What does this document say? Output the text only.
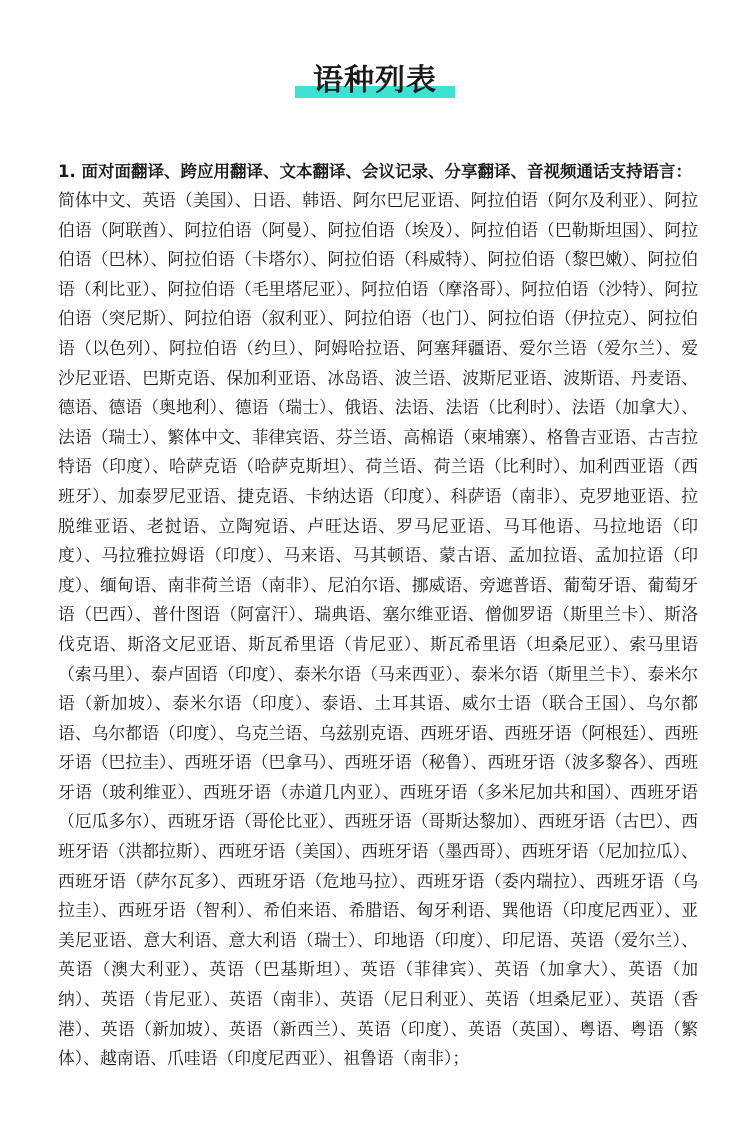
语种列表
1. 面对面翻译、跨应用翻译、文本翻译、会议记录、分享翻译、音视频通话支持语言：

简体中文、英语（美国）、日语、韩语、阿尔巴尼亚语、阿拉伯语（阿尔及利亚）、阿拉伯语（阿联酋）、阿拉伯语（阿曼）、阿拉伯语（埃及）、阿拉伯语（巴勒斯坦国）、阿拉伯语（巴林）、阿拉伯语（卡塔尔）、阿拉伯语（科威特）、阿拉伯语（黎巴嫩）、阿拉伯语（利比亚）、阿拉伯语（毛里塔尼亚）、阿拉伯语（摩洛哥）、阿拉伯语（沙特）、阿拉伯语（突尼斯）、阿拉伯语（叙利亚）、阿拉伯语（也门）、阿拉伯语（伊拉克）、阿拉伯语（以色列）、阿拉伯语（约旦）、阿姆哈拉语、阿塞拜疆语、爱尔兰语（爱尔兰）、爱沙尼亚语、巴斯克语、保加利亚语、冰岛语、波兰语、波斯尼亚语、波斯语、丹麦语、德语、德语（奥地利）、德语（瑞士）、俄语、法语、法语（比利时）、法语（加拿大）、法语（瑞士）、繁体中文、菲律宾语、芬兰语、高棉语（柬埔寨）、格鲁吉亚语、古吉拉特语（印度）、哈萨克语（哈萨克斯坦）、荷兰语、荷兰语（比利时）、加利西亚语（西班牙）、加泰罗尼亚语、捷克语、卡纳达语（印度）、科萨语（南非）、克罗地亚语、拉脱维亚语、老挝语、立陶宛语、卢旺达语、罗马尼亚语、马耳他语、马拉地语（印度）、马拉雅拉姆语（印度）、马来语、马其顿语、蒙古语、孟加拉语、孟加拉语（印度）、缅甸语、南非荷兰语（南非）、尼泊尔语、挪威语、旁遮普语、葡萄牙语、葡萄牙语（巴西）、普什图语（阿富汗）、瑞典语、塞尔维亚语、僧伽罗语（斯里兰卡）、斯洛伐克语、斯洛文尼亚语、斯瓦希里语（肯尼亚）、斯瓦希里语（坦桑尼亚）、索马里语（索马里）、泰卢固语（印度）、泰米尔语（马来西亚）、泰米尔语（斯里兰卡）、泰米尔语（新加坡）、泰米尔语（印度）、泰语、土耳其语、威尔士语（联合王国）、乌尔都语、乌尔都语（印度）、乌克兰语、乌兹别克语、西班牙语、西班牙语（阿根廷）、西班牙语（巴拉圭）、西班牙语（巴拿马）、西班牙语（秘鲁）、西班牙语（波多黎各）、西班牙语（玻利维亚）、西班牙语（赤道几内亚）、西班牙语（多米尼加共和国）、西班牙语（厄瓜多尔）、西班牙语（哥伦比亚）、西班牙语（哥斯达黎加）、西班牙语（古巴）、西班牙语（洪都拉斯）、西班牙语（美国）、西班牙语（墨西哥）、西班牙语（尼加拉瓜）、西班牙语（萨尔瓦多）、西班牙语（危地马拉）、西班牙语（委内瑞拉）、西班牙语（乌拉圭）、西班牙语（智利）、希伯来语、希腊语、匈牙利语、巽他语（印度尼西亚）、亚美尼亚语、意大利语、意大利语（瑞士）、印地语（印度）、印尼语、英语（爱尔兰）、英语（澳大利亚）、英语（巴基斯坦）、英语（菲律宾）、英语（加拿大）、英语（加纳）、英语（肯尼亚）、英语（南非）、英语（尼日利亚）、英语（坦桑尼亚）、英语（香港）、英语（新加坡）、英语（新西兰）、英语（印度）、英语（英国）、粤语、粤语（繁体）、越南语、爪哇语（印度尼西亚）、祖鲁语（南非）；
